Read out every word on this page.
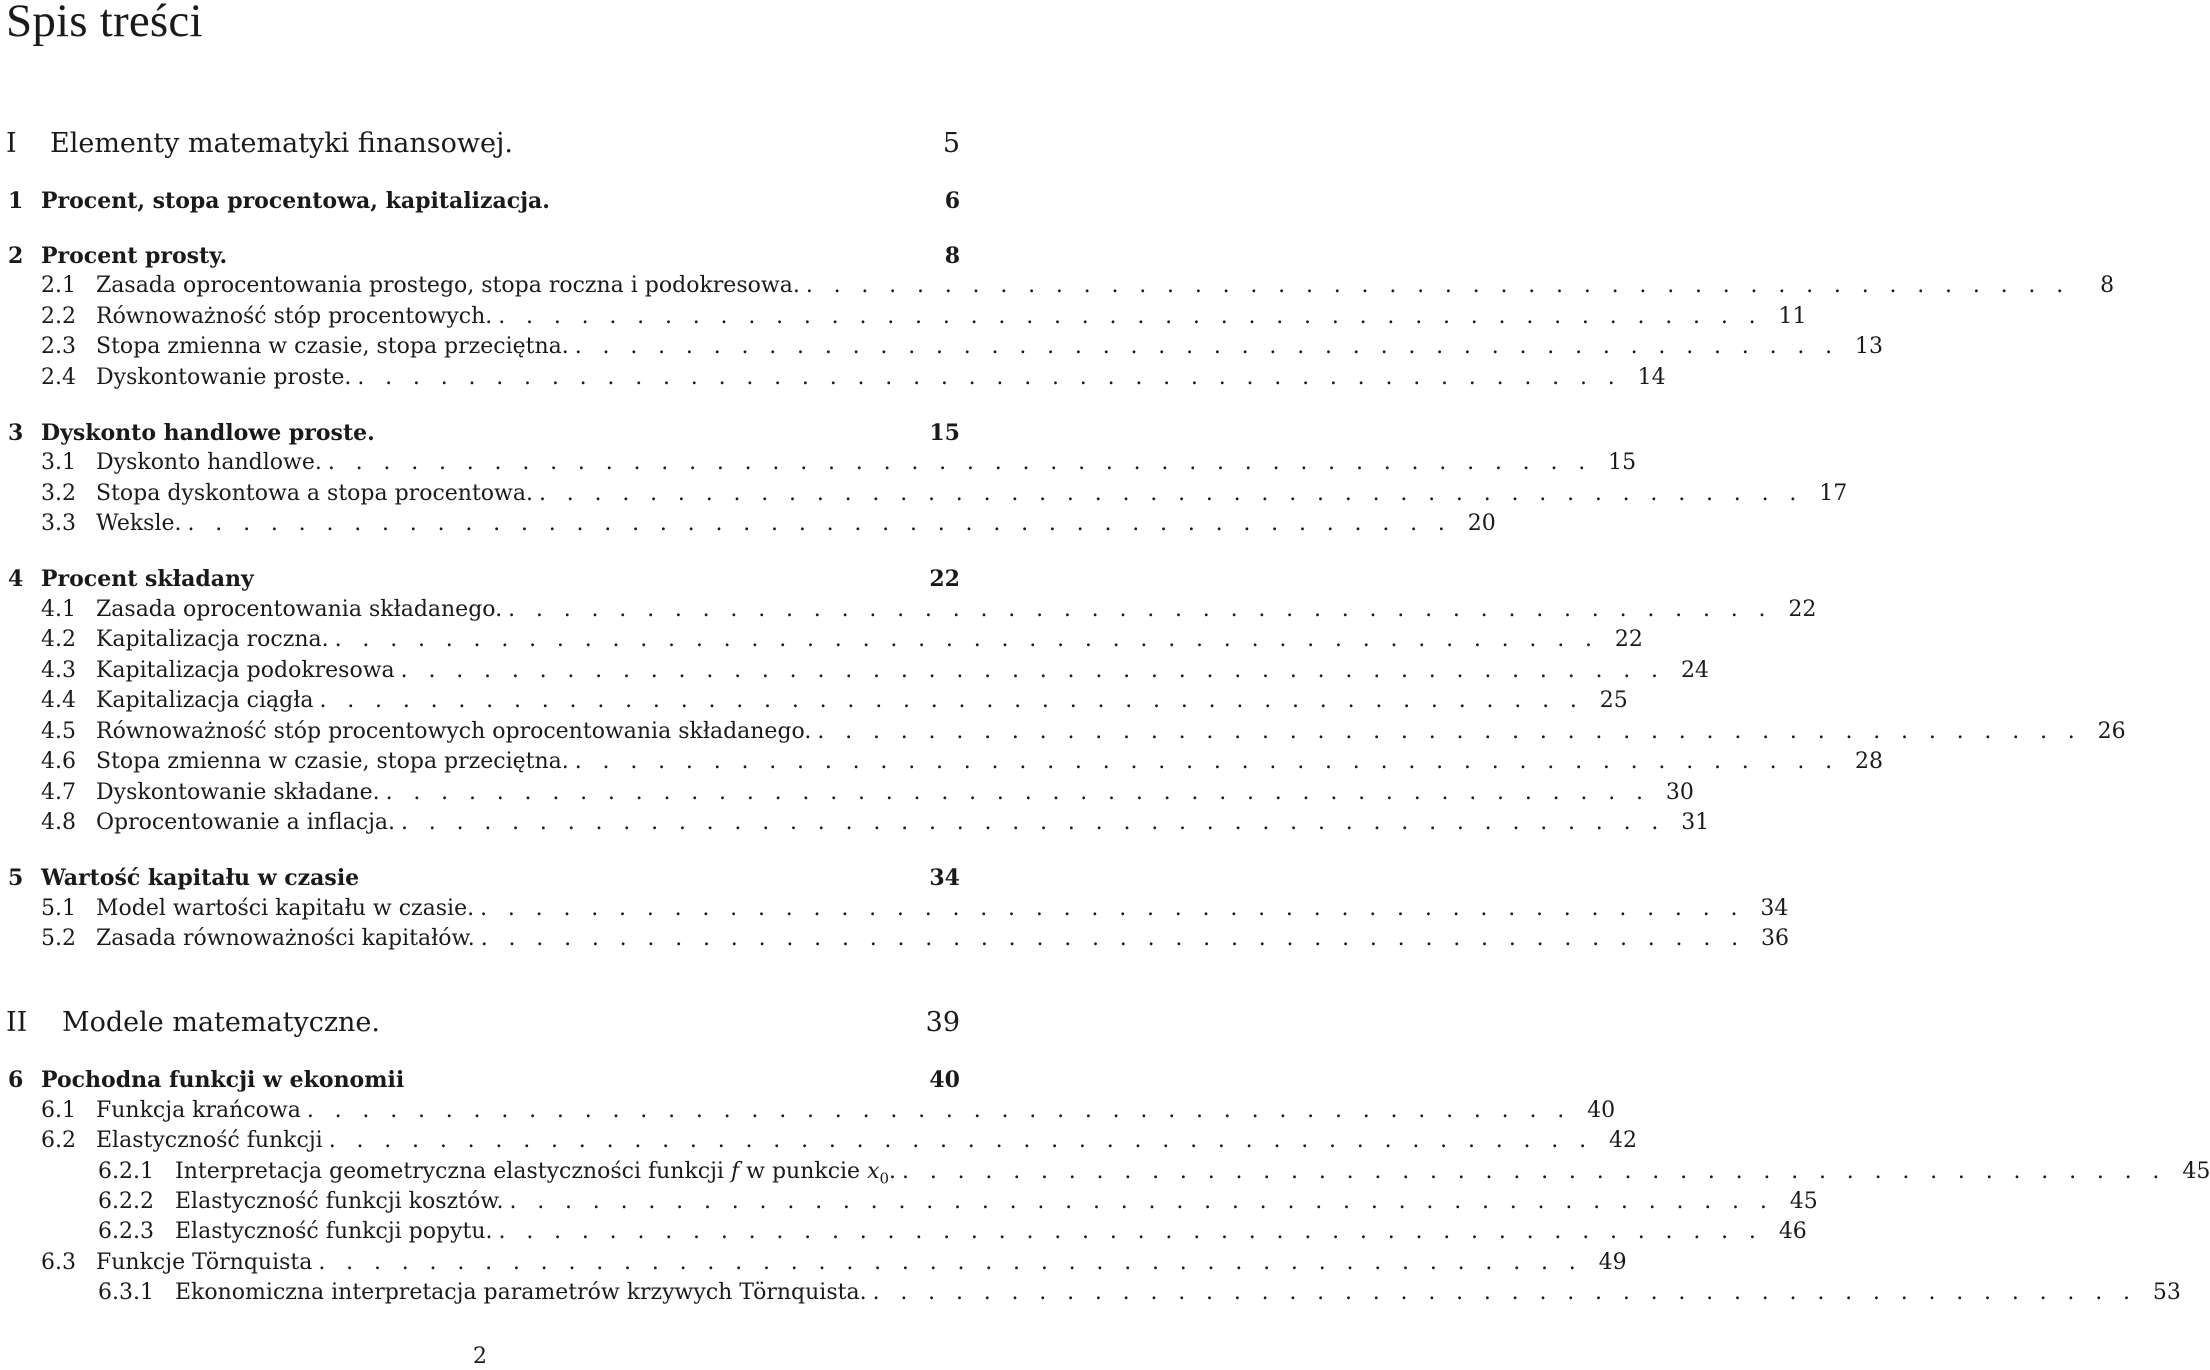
Spis treści
I	Elementy matematyki finansowej.	5
1 Procent, stopa procentowa, kapitalizacja.	6
2 Procent prosty.	8
2.1 Zasada oprocentowania prostego, stopa roczna i podokresowa. . . . . . . . . . . . . . . . . . . . . . . . . . . . . . . . . . . . . . . . . . . . . . .	8
2.2 Równoważność stóp procentowych. . . . . . . . . . . . . . . . . . . . . . . . . . . . . . . . . . . . . . . . . . . . . . . 11
2.3 Stopa zmienna w czasie, stopa przeciętna. . . . . . . . . . . . . . . . . . . . . . . . . . . . . . . . . . . . . . . . . . . . . . . 13
2.4 Dyskontowanie proste. . . . . . . . . . . . . . . . . . . . . . . . . . . . . . . . . . . . . . . . . . . . . . . 14
3 Dyskonto handlowe proste.	15
3.1 Dyskonto handlowe. . . . . . . . . . . . . . . . . . . . . . . . . . . . . . . . . . . . . . . . . . . . . . . 15
3.2 Stopa dyskontowa a stopa procentowa. . . . . . . . . . . . . . . . . . . . . . . . . . . . . . . . . . . . . . . . . . . . . . . 17
3.3 Weksle. . . . . . . . . . . . . . . . . . . . . . . . . . . . . . . . . . . . . . . . . . . . . . . 20
4 Procent składany	22
4.1 Zasada oprocentowania składanego. . . . . . . . . . . . . . . . . . . . . . . . . . . . . . . . . . . . . . . . . . . . . . . 22
4.2 Kapitalizacja roczna. . . . . . . . . . . . . . . . . . . . . . . . . . . . . . . . . . . . . . . . . . . . . . . 22
4.3 Kapitalizacja podokresowa . . . . . . . . . . . . . . . . . . . . . . . . . . . . . . . . . . . . . . . . . . . . . . 24
4.4 Kapitalizacja ciągła . . . . . . . . . . . . . . . . . . . . . . . . . . . . . . . . . . . . . . . . . . . . . . 25
4.5 Równoważność stóp procentowych oprocentowania składanego. . . . . . . . . . . . . . . . . . . . . . . . . . . . . . . . . . . . . . . . . . . . . . . 26
4.6 Stopa zmienna w czasie, stopa przeciętna. . . . . . . . . . . . . . . . . . . . . . . . . . . . . . . . . . . . . . . . . . . . . . . 28
4.7 Dyskontowanie składane. . . . . . . . . . . . . . . . . . . . . . . . . . . . . . . . . . . . . . . . . . . . . . . 30
4.8 Oprocentowanie a inflacja. . . . . . . . . . . . . . . . . . . . . . . . . . . . . . . . . . . . . . . . . . . . . . . 31
5 Wartość kapitału w czasie	34
5.1 Model wartości kapitału w czasie. . . . . . . . . . . . . . . . . . . . . . . . . . . . . . . . . . . . . . . . . . . . . . . 34
5.2 Zasada równoważności kapitałów. . . . . . . . . . . . . . . . . . . . . . . . . . . . . . . . . . . . . . . . . . . . . . . 36
II	Modele matematyczne.	39
6 Pochodna funkcji w ekonomii	40
6.1 Funkcja krańcowa . . . . . . . . . . . . . . . . . . . . . . . . . . . . . . . . . . . . . . . . . . . . . . 40
6.2 Elastyczność funkcji . . . . . . . . . . . . . . . . . . . . . . . . . . . . . . . . . . . . . . . . . . . . . . 42
6.2.1 Interpretacja geometryczna elastyczności funkcji f w punkcie $x_0$. . . . . . . . . . . . . . . . . . . . . . . . . . . . . . . . . . . . . . . . . . . . . . . 45
6.2.2 Elastyczność funkcji kosztów. . . . . . . . . . . . . . . . . . . . . . . . . . . . . . . . . . . . . . . . . . . . . . . 45
6.2.3 Elastyczność funkcji popytu. . . . . . . . . . . . . . . . . . . . . . . . . . . . . . . . . . . . . . . . . . . . . . . 46
6.3 Funkcje Törnquista . . . . . . . . . . . . . . . . . . . . . . . . . . . . . . . . . . . . . . . . . . . . . . 49
6.3.1 Ekonomiczna interpretacja parametrów krzywych Törnquista. . . . . . . . . . . . . . . . . . . . . . . . . . . . . . . . . . . . . . . . . . . . . . . 53
2
